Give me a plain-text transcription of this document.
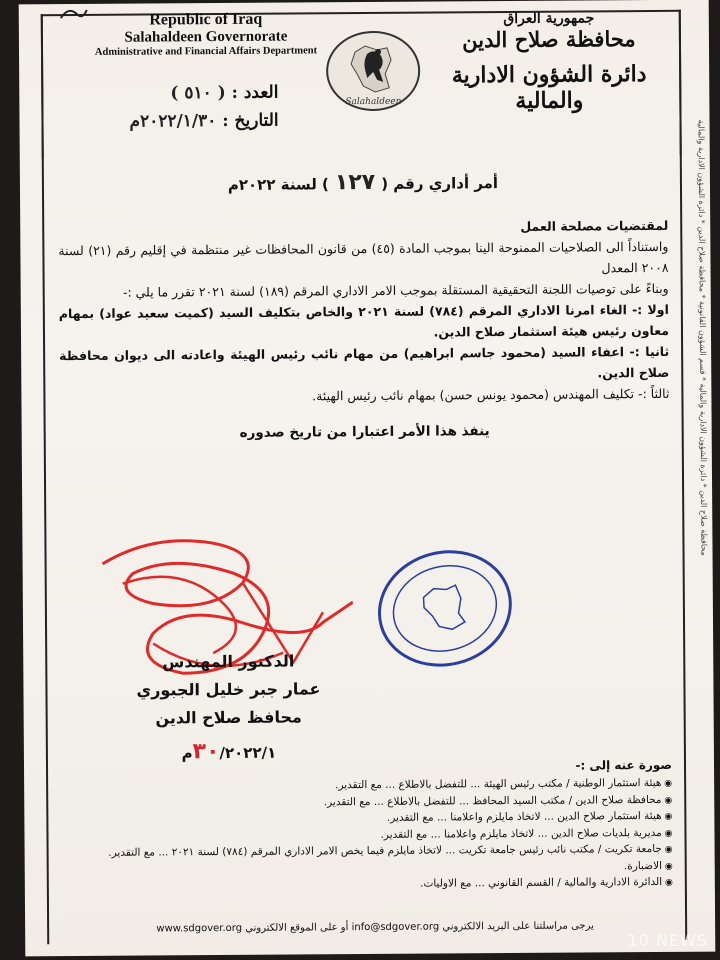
Republic of Iraq
Salahaldeen Governorate
Administrative and Financial Affairs Department
Salahaldeen
جمهورية العراق
محافظة صلاح الدين
دائرة الشؤون الادارية والمالية
العدد : ( ٥١٠ )
التاريخ : ٢٠٢٢/١/٣٠م	محافظة صلاح الدين * دائرة الشؤون الادارية والمالية * قسم الشؤون القانونية * محافظة صلاح الدين * دائرة الشؤون الادارية والمالية
أمر أداري رقم (١٢٧) لسنة ٢٠٢٢م
لمقتضيات مصلحة العمل
واستناداً الى الصلاحيات الممنوحة الينا بموجب المادة (٤٥) من قانون المحافظات غير منتظمة في إقليم رقم (٢١) لسنة ٢٠٠٨ المعدل
وبناءً على توصيات اللجنة التحقيقية المستقلة بموجب الامر الاداري المرقم (١٨٩) لسنة ٢٠٢١ تقرر ما يلي :-
اولا :- الغاء امرنا الاداري المرقم (٧٨٤) لسنة ٢٠٢١ والخاص بتكليف السيد (كميت سعيد عواد) بمهام معاون رئيس هيئة استثمار صلاح الدين.
ثانيا :- اعفاء السيد (محمود جاسم ابراهيم) من مهام نائب رئيس الهيئة واعادته الى ديوان محافظة صلاح الدين.
ثالثاً :- تكليف المهندس (محمود يونس حسن) بمهام نائب رئيس الهيئة.
ينفذ هذا الأمر اعتبارا من تاريخ صدوره
الدكتور المهندس
عمار جبر خليل الجبوري
محافظ صلاح الدين
٣٠/٢٠٢٢/١م
صورة عنه إلى :-
◉ هيئة استثمار الوطنية / مكتب رئيس الهيئة ... للتفضل بالاطلاع ... مع التقدير.
◉ محافظة صلاح الدين / مكتب السيد المحافظ ... للتفضل بالاطلاع ... مع التقدير.
◉ هيئة استثمار صلاح الدين ... لاتخاذ مايلزم واعلامنا ... مع التقدير.
◉ مديرية بلديات صلاح الدين ... لاتخاذ مايلزم واعلامنا ... مع التقدير.
◉ جامعة تكريت / مكتب نائب رئيس جامعة تكريت ... لاتخاذ مايلزم فيما يخص الامر الاداري المرقم (٧٨٤) لسنة ٢٠٢١ ... مع التقدير.
◉ الاضبارة.
◉ الدائرة الادارية والمالية / القسم القانوني ... مع الاوليات.
يرجى مراسلتنا على البريد الالكتروني info@sdgover.org أو على الموقع الالكتروني www.sdgover.org
10 NEWS
